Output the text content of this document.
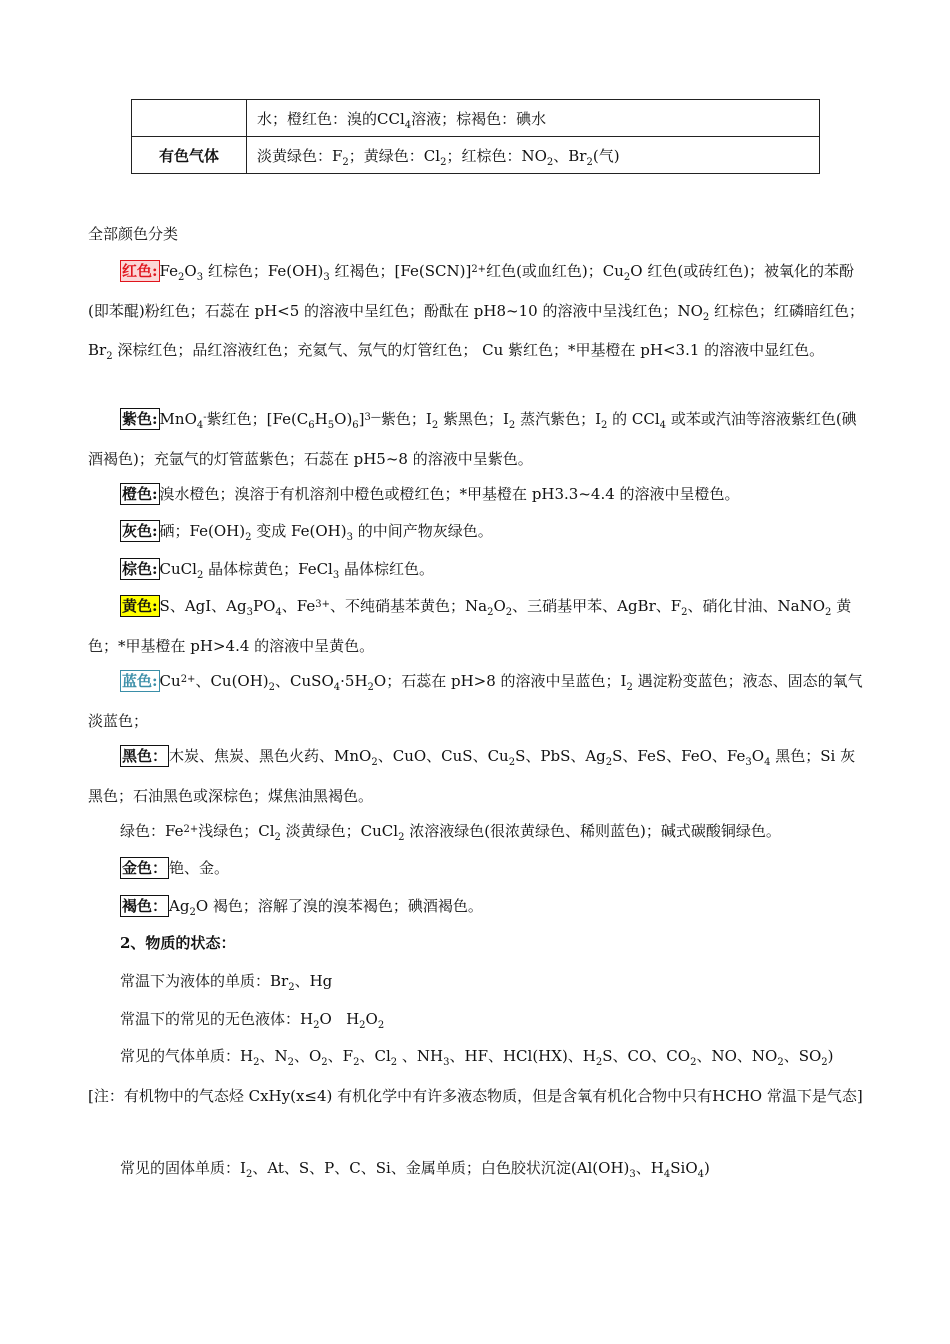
	水；橙红色：溴的CCl$_4$溶液；棕褐色：碘水
有色气体	淡黄绿色：$F_2$；黄绿色：$Cl_2$；红棕色：$NO_2$、$Br_2$(气)
全部颜色分类
红色: $Fe_2O_3$ 红棕色；$Fe(OH)_3$ 红褐色；$[Fe(SCN)]^{2+}$红色(或血红色)；$Cu_2O$ 红色(或砖红色)；被氧化的苯酚(即苯醌)粉红色；石蕊在 pH<5 的溶液中呈红色；酚酞在 pH8~10 的溶液中呈浅红色；$NO_2$ 红棕色；红磷暗红色；$Br_2$ 深棕红色；品红溶液红色；充氦气、氖气的灯管红色； Cu 紫红色；*甲基橙在 pH<3.1 的溶液中显红色。
紫色: MnO$_4$-紫红色；$[Fe(C_6H_5O)_6]^{3—}$紫色；$I_2$ 紫黑色；$I_2$ 蒸汽紫色；$I_2$ 的 CCl$_4$ 或苯或汽油等溶液紫红色(碘酒褐色)；充氩气的灯管蓝紫色；石蕊在 pH5~8 的溶液中呈紫色。
橙色: 溴水橙色；溴溶于有机溶剂中橙色或橙红色；*甲基橙在 pH3.3~4.4 的溶液中呈橙色。
灰色: 硒；$Fe(OH)_2$ 变成 $Fe(OH)_3$ 的中间产物灰绿色。
棕色: CuCl$_2$ 晶体棕黄色；FeCl$_3$ 晶体棕红色。
黄色: S、AgI、$Ag_3PO_4$、$Fe^{3+}$、不纯硝基苯黄色；$Na_2O_2$、三硝基甲苯、AgBr、$F_2$、硝化甘油、NaNO$_2$ 黄色；*甲基橙在 pH>4.4 的溶液中呈黄色。
蓝色: $Cu^{2+}$、$Cu(OH)_2$、$CuSO_4\cdot 5H_2O$；石蕊在 pH>8 的溶液中呈蓝色；$I_2$ 遇淀粉变蓝色；液态、固态的氧气淡蓝色；
黑色： 木炭、焦炭、黑色火药、MnO$_2$、CuO、CuS、$Cu_2S$、PbS、$Ag_2S$、FeS、FeO、$Fe_3O_4$ 黑色；Si 灰黑色；石油黑色或深棕色；煤焦油黑褐色。
绿色：$Fe^{2+}$浅绿色；$Cl_2$ 淡黄绿色；CuCl$_2$ 浓溶液绿色(很浓黄绿色、稀则蓝色)；碱式碳酸铜绿色。
金色： 铯、金。
褐色： $Ag_2O$ 褐色；溶解了溴的溴苯褐色；碘酒褐色。
2、物质的状态：
常温下为液体的单质：$Br_2$、Hg
常温下的常见的无色液体：$H_2O$   $H_2O_2$
常见的气体单质：$H_2$、$N_2$、$O_2$、$F_2$、$Cl_2$ 、$NH_3$、HF、HCl(HX)、$H_2S$、CO、$CO_2$、NO、$NO_2$、$SO_2$)[注：有机物中的气态烃 CxHy(x≤4) 有机化学中有许多液态物质，但是含氧有机化合物中只有HCHO 常温下是气态]
常见的固体单质：$I_2$、At、S、P、C、Si、金属单质；白色胶状沉淀($Al(OH)_3$、$H_4SiO_4$)
